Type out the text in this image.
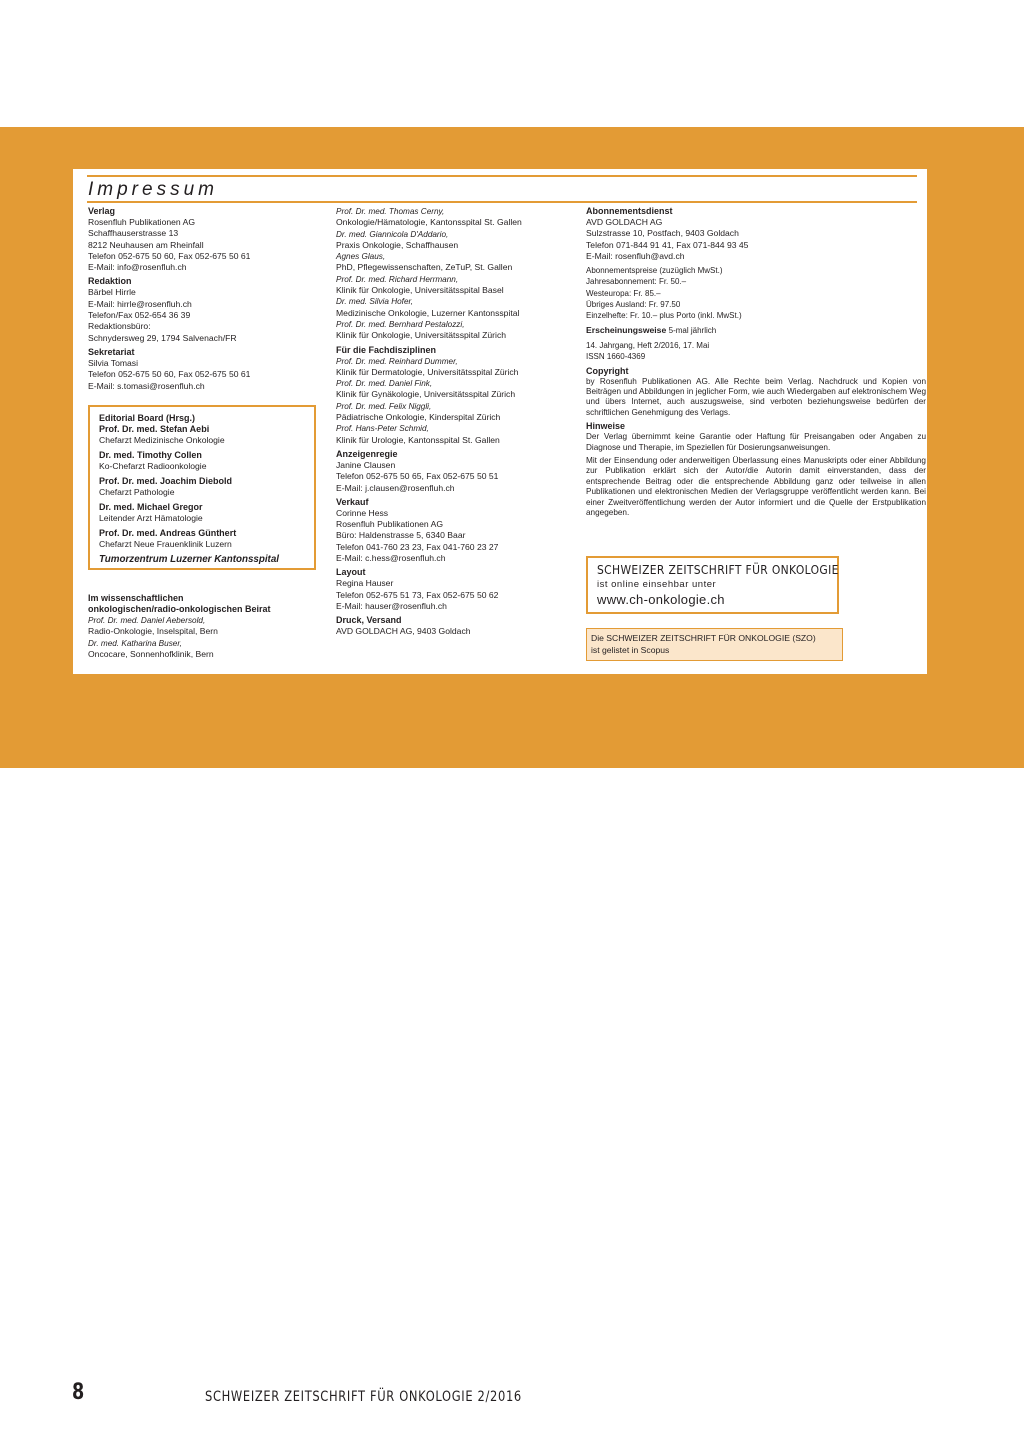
Impressum
Verlag
Rosenfluh Publikationen AG
Schaffhauserstrasse 13
8212 Neuhausen am Rheinfall
Telefon 052-675 50 60, Fax 052-675 50 61
E-Mail: info@rosenfluh.ch
Redaktion
Bärbel Hirrle
E-Mail: hirrle@rosenfluh.ch
Telefon/Fax 052-654 36 39
Redaktionsbüro:
Schnydersweg 29, 1794 Salvenach/FR
Sekretariat
Silvia Tomasi
Telefon 052-675 50 60, Fax 052-675 50 61
E-Mail: s.tomasi@rosenfluh.ch
Editorial Board (Hrsg.)
Prof. Dr. med. Stefan Aebi
Chefarzt Medizinische Onkologie
Dr. med. Timothy Collen
Ko-Chefarzt Radioonkologie
Prof. Dr. med. Joachim Diebold
Chefarzt Pathologie
Dr. med. Michael Gregor
Leitender Arzt Hämatologie
Prof. Dr. med. Andreas Günthert
Chefarzt Neue Frauenklinik Luzern
Tumorzentrum Luzerner Kantonsspital
Im wissenschaftlichen
onkologischen/radio-onkologischen Beirat
Prof. Dr. med. Daniel Aebersold,
Radio-Onkologie, Inselspital, Bern
Dr. med. Katharina Buser,
Oncocare, Sonnenhofklinik, Bern
Prof. Dr. med. Thomas Cerny,
Onkologie/Hämatologie, Kantonsspital St. Gallen
Dr. med. Giannicola D'Addario,
Praxis Onkologie, Schaffhausen
Agnes Glaus,
PhD, Pflegewissenschaften, ZeTuP, St. Gallen
Prof. Dr. med. Richard Herrmann,
Klinik für Onkologie, Universitätsspital Basel
Dr. med. Silvia Hofer,
Medizinische Onkologie, Luzerner Kantonsspital
Prof. Dr. med. Bernhard Pestalozzi,
Klinik für Onkologie, Universitätsspital Zürich
Für die Fachdisziplinen
Prof. Dr. med. Reinhard Dummer,
Klinik für Dermatologie, Universitätsspital Zürich
Prof. Dr. med. Daniel Fink,
Klinik für Gynäkologie, Universitätsspital Zürich
Prof. Dr. med. Felix Niggli,
Pädiatrische Onkologie, Kinderspital Zürich
Prof. Hans-Peter Schmid,
Klinik für Urologie, Kantonsspital St. Gallen
Anzeigenregie
Janine Clausen
Telefon 052-675 50 65, Fax 052-675 50 51
E-Mail: j.clausen@rosenfluh.ch
Verkauf
Corinne Hess
Rosenfluh Publikationen AG
Büro: Haldenstrasse 5, 6340 Baar
Telefon 041-760 23 23, Fax 041-760 23 27
E-Mail: c.hess@rosenfluh.ch
Layout
Regina Hauser
Telefon 052-675 51 73, Fax 052-675 50 62
E-Mail: hauser@rosenfluh.ch
Druck, Versand
AVD GOLDACH AG, 9403 Goldach
Abonnementsdienst
AVD GOLDACH AG
Sulzstrasse 10, Postfach, 9403 Goldach
Telefon 071-844 91 41, Fax 071-844 93 45
E-Mail: rosenfluh@avd.ch
Abonnementspreise (zuzüglich MwSt.)
Jahresabonnement: Fr. 50.–
Westeuropa: Fr. 85.–
Übriges Ausland: Fr. 97.50
Einzelhefte: Fr. 10.– plus Porto (inkl. MwSt.)
Erscheinungsweise 5-mal jährlich
14. Jahrgang, Heft 2/2016, 17. Mai
ISSN 1660-4369
Copyright
by Rosenfluh Publikationen AG. Alle Rechte beim Verlag. Nachdruck und Kopien von Beiträgen und Abbildungen in jeglicher Form, wie auch Wiedergaben auf elektronischem Weg und übers Internet, auch auszugsweise, sind verboten beziehungsweise bedürfen der schriftlichen Genehmigung des Verlags.
Hinweise
Der Verlag übernimmt keine Garantie oder Haftung für Preisangaben oder Angaben zu Diagnose und Therapie, im Speziellen für Dosierungsanweisungen.
Mit der Einsendung oder anderweitigen Überlassung eines Manuskripts oder einer Abbildung zur Publikation erklärt sich der Autor/die Autorin damit einverstanden, dass der entsprechende Beitrag oder die entsprechende Abbildung ganz oder teilweise in allen Publikationen und elektronischen Medien der Verlagsgruppe veröffentlicht werden kann. Bei einer Zweitveröffentlichung werden der Autor informiert und die Quelle der Erstpublikation angegeben.
SCHWEIZER ZEITSCHRIFT FÜR ONKOLOGIE
ist online einsehbar unter
www.ch-onkologie.ch
Die SCHWEIZER ZEITSCHRIFT FÜR ONKOLOGIE (SZO)
ist gelistet in Scopus
8	SCHWEIZER ZEITSCHRIFT FÜR ONKOLOGIE 2/2016
